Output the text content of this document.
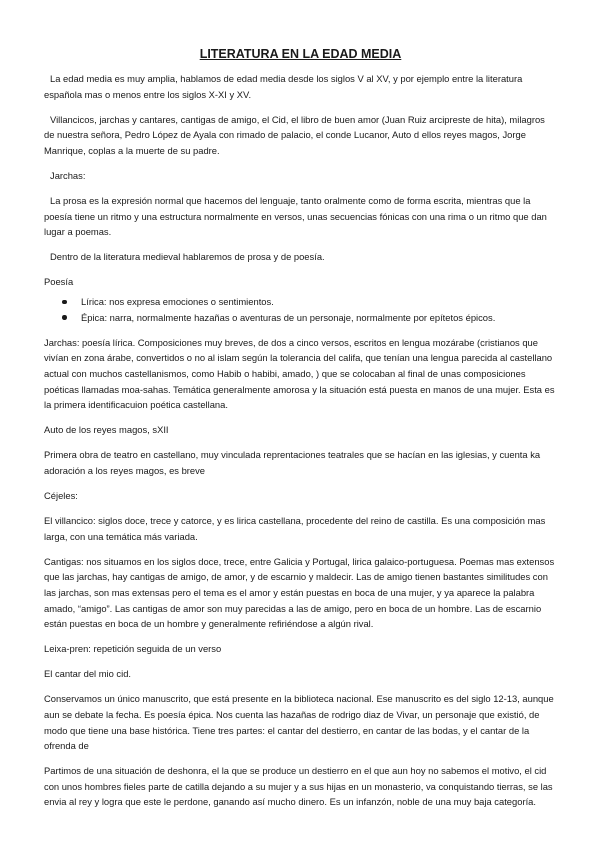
LITERATURA EN LA EDAD MEDIA

La edad media es muy amplia, hablamos de edad media desde los siglos V al XV, y por ejemplo entre la literatura española mas o menos entre los siglos X-XI y XV.

Villancicos, jarchas y cantares, cantigas de amigo, el Cid, el libro de buen amor (Juan Ruiz arcipreste de hita), milagros de nuestra señora, Pedro López de Ayala con rimado de palacio, el conde Lucanor, Auto d ellos reyes magos, Jorge Manrique, coplas a la muerte de su padre.

Jarchas:

La prosa es la expresión normal que hacemos del lenguaje, tanto oralmente como de forma escrita, mientras que la poesía tiene un ritmo y una estructura normalmente en versos, unas secuencias fónicas con una rima o un ritmo que dan lugar a poemas.

Dentro de la literatura medieval hablaremos de prosa y de poesía.

Poesía

Lírica: nos expresa emociones o sentimientos.
Épica: narra, normalmente hazañas o aventuras de un personaje, normalmente por epítetos épicos.

Jarchas: poesía lírica. Composiciones muy breves, de dos a cinco versos, escritos en lengua mozárabe (cristianos que vivían en zona árabe, convertidos o no al islam según la tolerancia del califa, que tenían una lengua parecida al castellano actual con muchos castellanismos, como Habib o habibi, amado, ) que se colocaban al final de unas composiciones poéticas llamadas moa-sahas. Temática generalmente amorosa y la situación está puesta en manos de una mujer. Esta es la primera identificacuion poética castellana.

Auto de los reyes magos, sXII

Primera obra de teatro en castellano, muy vinculada reprentaciones teatrales que se hacían en las iglesias, y cuenta ka adoración a los reyes magos, es breve

Céjeles:

El villancico: siglos doce, trece y catorce, y es lirica castellana, procedente del reino de castilla. Es una composición mas larga, con una temática más variada.

Cantigas: nos situamos en los siglos doce, trece, entre Galicia y Portugal, lirica galaico-portuguesa. Poemas mas extensos que las jarchas, hay cantigas de amigo, de amor, y de escarnio y maldecir. Las de amigo tienen bastantes similitudes con las jarchas, son mas extensas pero el tema es el amor y están puestas en boca de una mujer, y ya aparece la palabra amado, “amigo”. Las cantigas de amor son muy parecidas a las de amigo, pero en boca de un hombre. Las de escarnio están puestas en boca de un hombre y generalmente refiriéndose a algún rival.

Leixa-pren: repetición seguida de un verso

El cantar del mio cid.

Conservamos un único manuscrito, que está presente en la biblioteca nacional. Ese manuscrito es del siglo 12-13, aunque aun se debate la fecha. Es poesía épica. Nos cuenta las hazañas de rodrigo diaz de Vivar, un personaje que existió, de modo que tiene una base histórica. Tiene tres partes: el cantar del destierro, en cantar de las bodas, y el cantar de la ofrenda de

Partimos de una situación de deshonra, el la que se produce un destierro en el que aun hoy no sabemos el motivo, el cid con unos hombres fieles parte de catilla dejando a su mujer y a sus hijas en un monasterio, va conquistando tierras, se las envia al rey y logra que este le perdone, ganando así mucho dinero. Es un infanzón, noble de una muy baja categoría.
